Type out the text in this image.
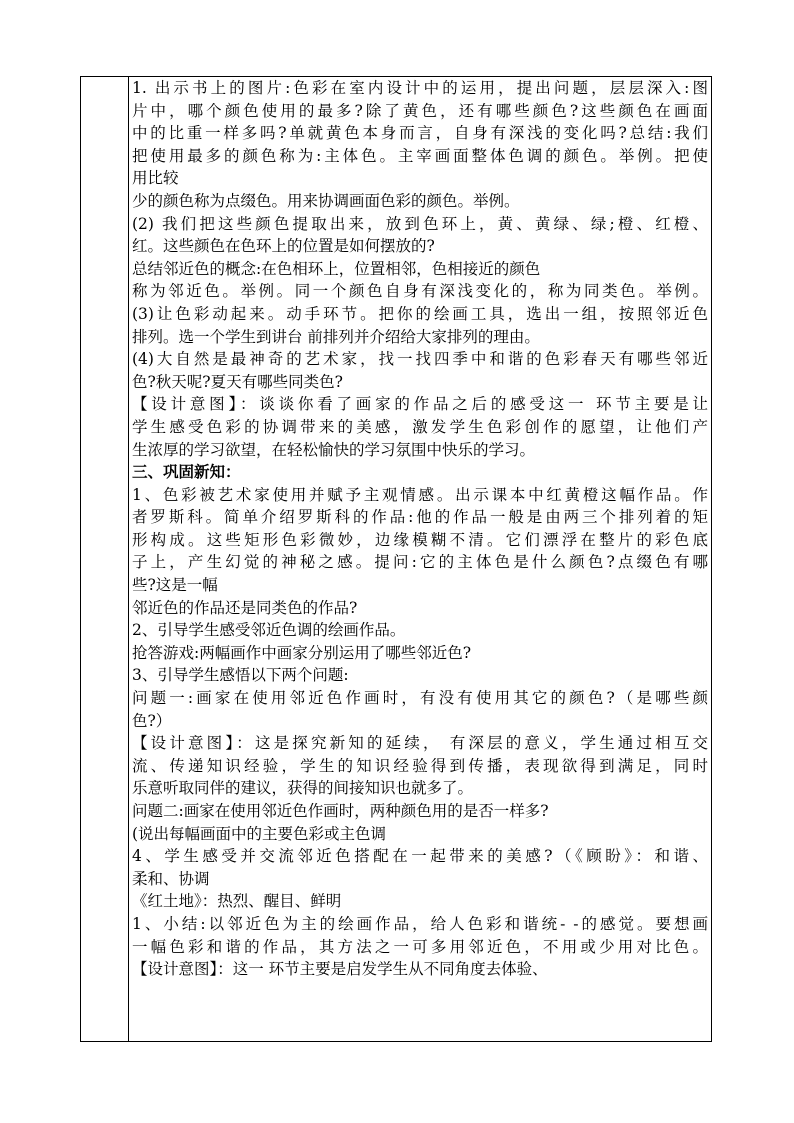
1. 出示书上的图片:色彩在室内设计中的运用，提出问题，层层深入:图
片中，哪个颜色使用的最多?除了黄色，还有哪些颜色?这些颜色在画面
中的比重一样多吗?单就黄色本身而言，自身有深浅的变化吗?总结:我们
把使用最多的颜色称为:主体色。主宰画面整体色调的颜色。举例。把使
用比较
少的颜色称为点缀色。用来协调画面色彩的颜色。举例。
(2) 我们把这些颜色提取出来，放到色环上，黄、黄绿、绿;橙、红橙、
红。这些颜色在色环上的位置是如何摆放的?
总结邻近色的概念:在色相环上，位置相邻，色相接近的颜色
称为邻近色。举例。同一个颜色自身有深浅变化的，称为同类色。举例。
(3)让色彩动起来。动手环节。把你的绘画工具，选出一组，按照邻近色
排列。选一个学生到讲台 前排列并介绍给大家排列的理由。
(4)大自然是最神奇的艺术家，找一找四季中和谐的色彩春天有哪些邻近
色?秋天呢?夏天有哪些同类色?
【设计意图】：谈谈你看了画家的作品之后的感受这一 环节主要是让
学生感受色彩的协调带来的美感，激发学生色彩创作的愿望，让他们产
生浓厚的学习欲望，在轻松愉快的学习氛围中快乐的学习。
三、巩固新知：
1、色彩被艺术家使用并赋予主观情感。出示课本中红黄橙这幅作品。作
者罗斯科。简单介绍罗斯科的作品:他的作品一般是由两三个排列着的矩
形构成。这些矩形色彩微妙，边缘模糊不清。它们漂浮在整片的彩色底
子上，产生幻觉的神秘之感。提问:它的主体色是什么颜色?点缀色有哪
些?这是一幅
邻近色的作品还是同类色的作品?
2、引导学生感受邻近色调的绘画作品。
抢答游戏:两幅画作中画家分别运用了哪些邻近色?
3、引导学生感悟以下两个问题:
问题一:画家在使用邻近色作画时，有没有使用其它的颜色?（是哪些颜
色?）
【设计意图】：这是探究新知的延续， 有深层的意义，学生通过相互交
流、传递知识经验，学生的知识经验得到传播，表现欲得到满足，同时
乐意听取同伴的建议，获得的间接知识也就多了。
问题二:画家在使用邻近色作画时，两种颜色用的是否一样多?
(说出每幅画面中的主要色彩或主色调
4、学生感受并交流邻近色搭配在一起带来的美感?（《顾盼》：和谐、
柔和、协调
《红土地》：热烈、醒目、鲜明
1、小结:以邻近色为主的绘画作品，给人色彩和谐统- -的感觉。要想画
一幅色彩和谐的作品，其方法之一可多用邻近色，不用或少用对比色。
【设计意图】：这一 环节主要是启发学生从不同角度去体验、
